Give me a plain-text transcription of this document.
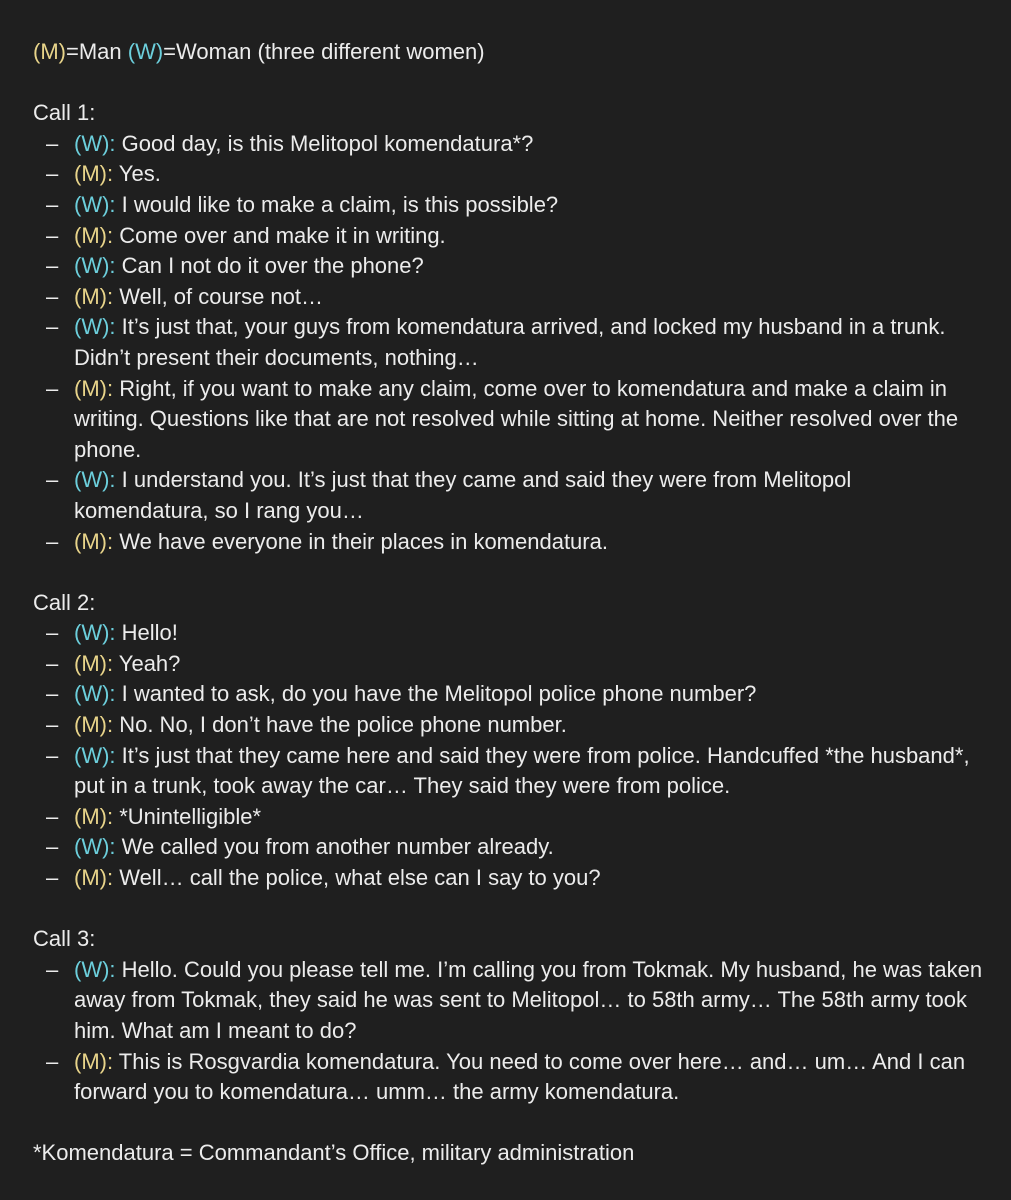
(M)=Man (W)=Woman (three different women)

Call 1:

– (W): Good day, is this Melitopol komendatura*?
– (M): Yes.
– (W): I would like to make a claim, is this possible?
– (M): Come over and make it in writing.
– (W): Can I not do it over the phone?
– (M): Well, of course not…
– (W): It’s just that, your guys from komendatura arrived, and locked my husband in a trunk. Didn’t present their documents, nothing…
– (M): Right, if you want to make any claim, come over to komendatura and make a claim in writing. Questions like that are not resolved while sitting at home. Neither resolved over the phone.
– (W): I understand you. It’s just that they came and said they were from Melitopol komendatura, so I rang you…
– (M): We have everyone in their places in komendatura.

Call 2:

– (W): Hello!
– (M): Yeah?
– (W): I wanted to ask, do you have the Melitopol police phone number?
– (M): No. No, I don’t have the police phone number.
– (W): It’s just that they came here and said they were from police. Handcuffed *the husband*, put in a trunk, took away the car… They said they were from police.
– (M): *Unintelligible*
– (W): We called you from another number already.
– (M): Well… call the police, what else can I say to you?

Call 3:

– (W): Hello. Could you please tell me. I’m calling you from Tokmak. My husband, he was taken away from Tokmak, they said he was sent to Melitopol… to 58th army… The 58th army took him. What am I meant to do?
– (M): This is Rosgvardia komendatura. You need to come over here… and… um… And I can forward you to komendatura… umm… the army komendatura.

*Komendatura = Commandant’s Office, military administration
